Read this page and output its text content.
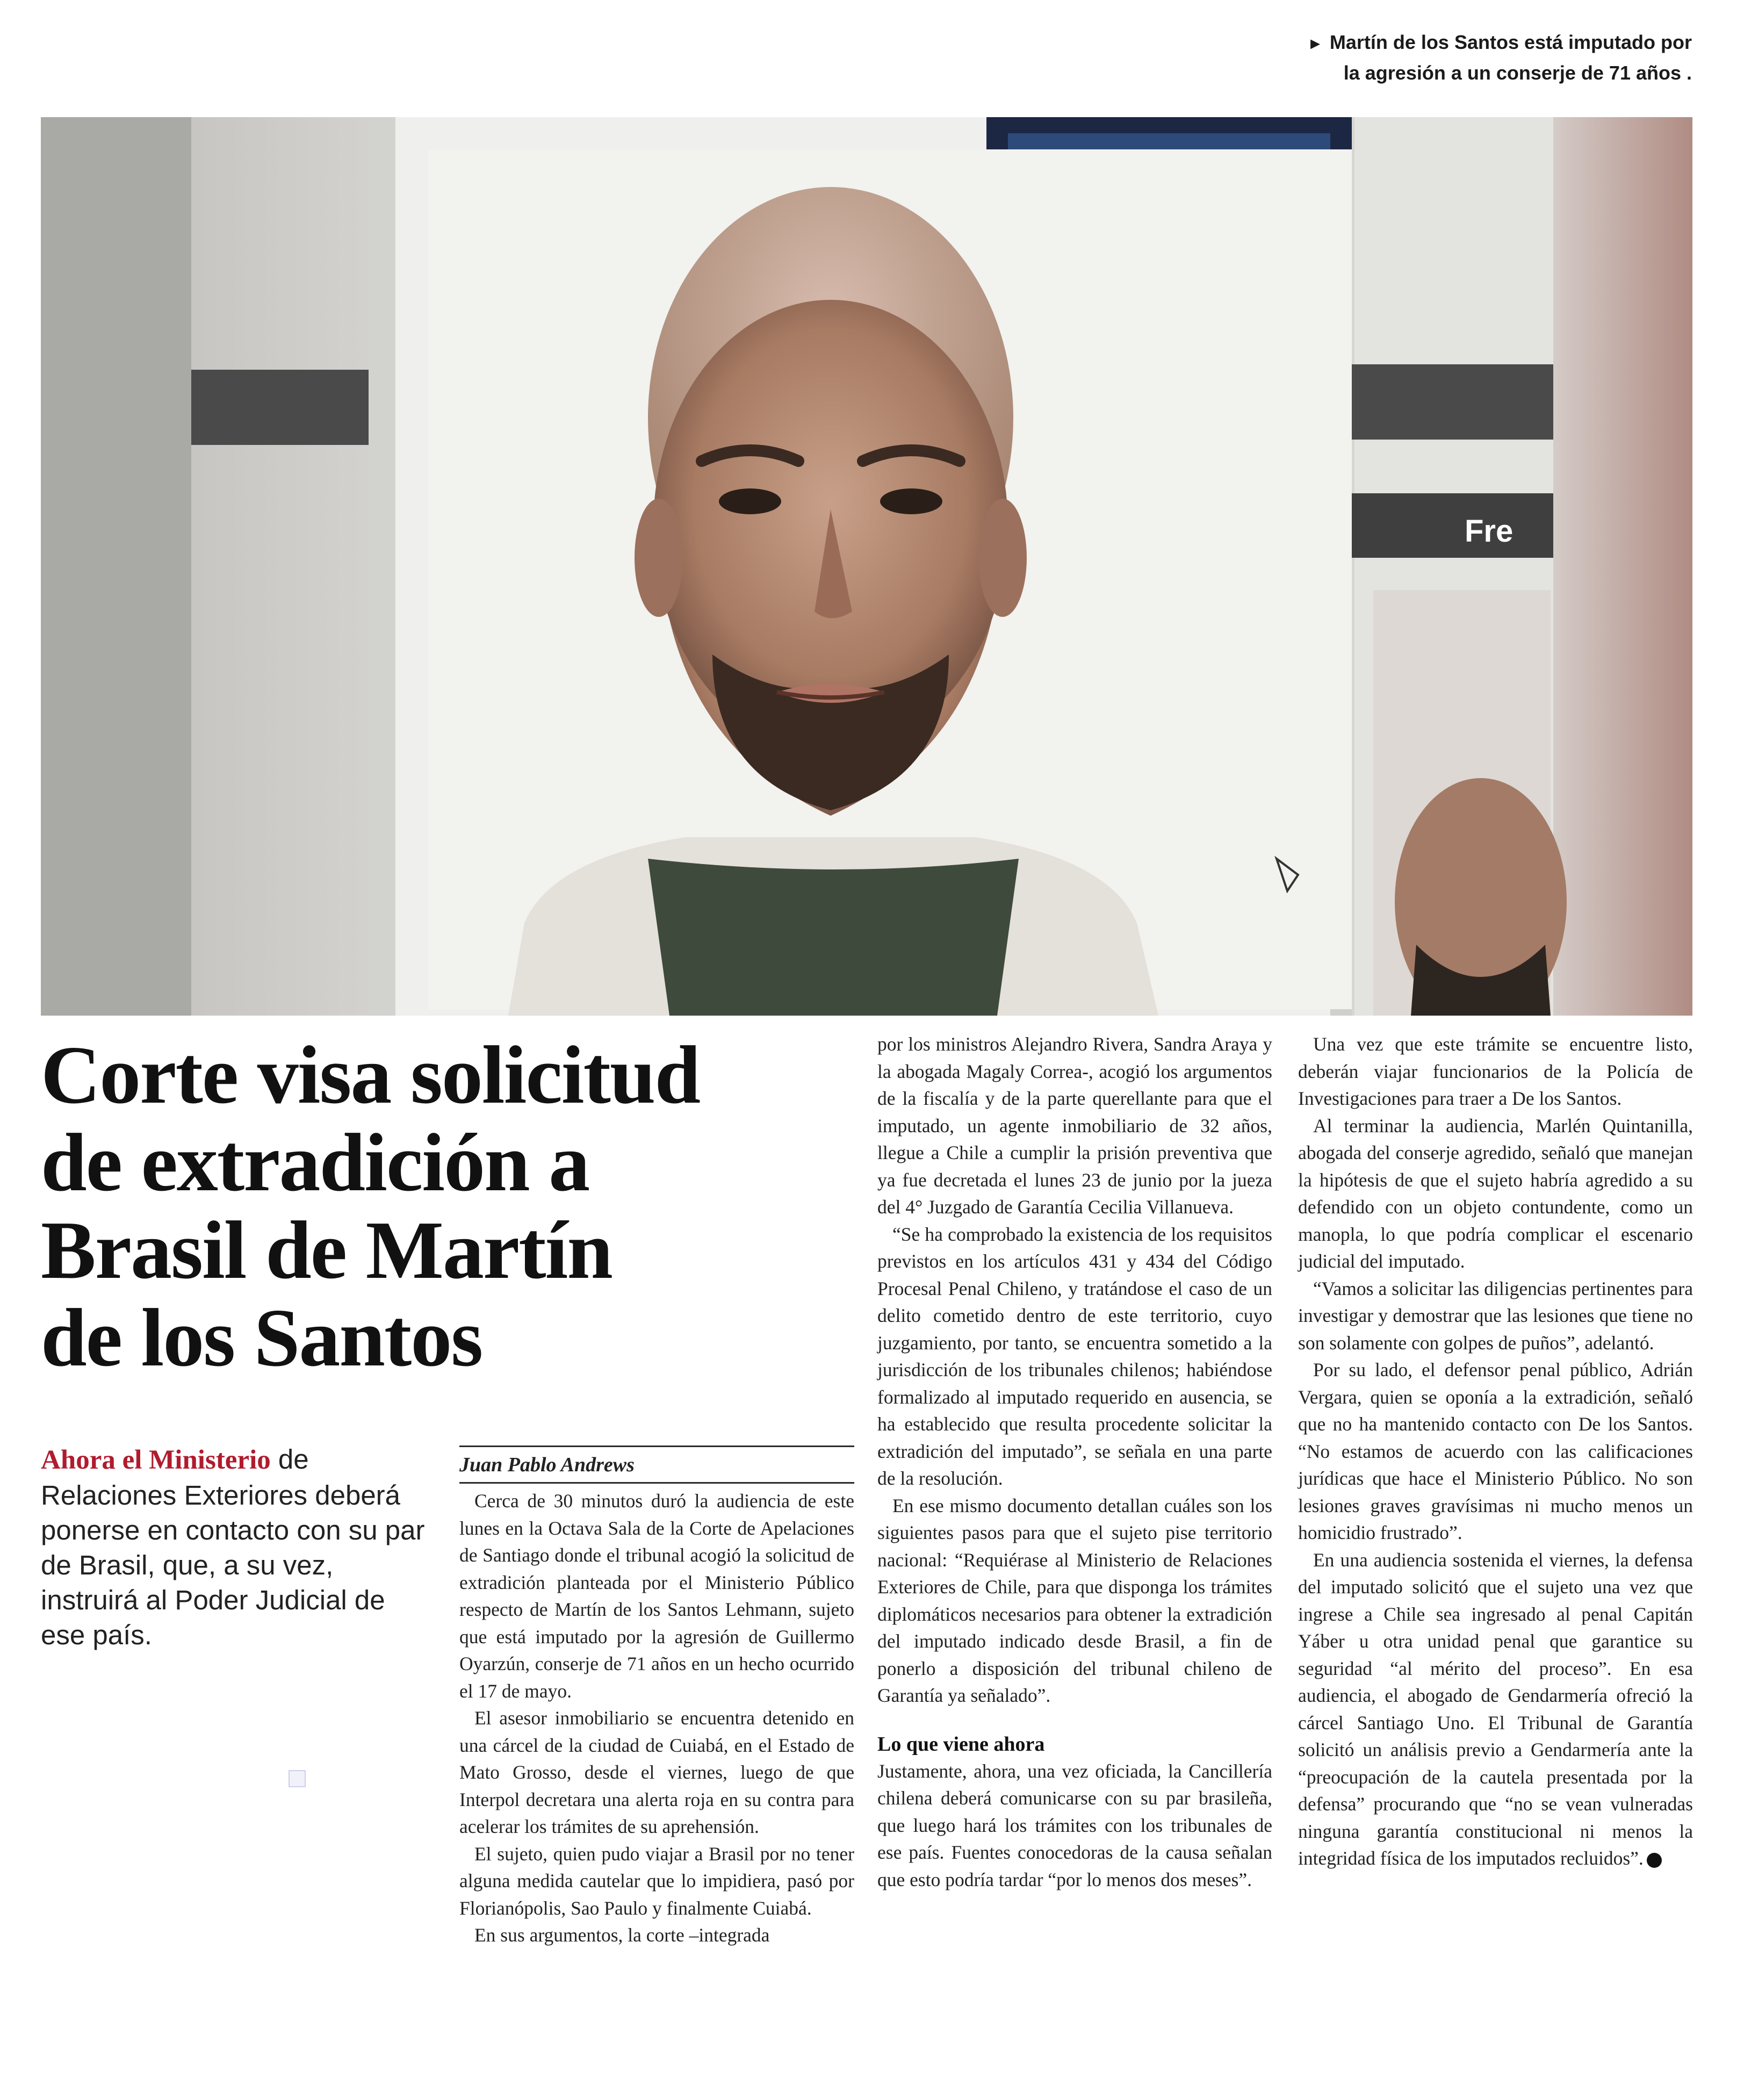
► Martín de los Santos está imputado por
la agresión a un conserje de 71 años .
Fre
Corte visa solicitud
de extradición a
Brasil de Martín
de los Santos
Ahora el Ministerio de Relaciones Exteriores deberá ponerse en contacto con su par de Brasil, que, a su vez, instruirá al Poder Judicial de ese país.
Juan Pablo Andrews

Cerca de 30 minutos duró la audiencia de este lunes en la Octava Sala de la Corte de Apelaciones de Santiago donde el tribunal acogió la solicitud de extradición planteada por el Ministerio Público respecto de Martín de los Santos Lehmann, sujeto que está imputado por la agresión de Guillermo Oyarzún, conserje de 71 años en un hecho ocurrido el 17 de mayo.

El asesor inmobiliario se encuentra detenido en una cárcel de la ciudad de Cuiabá, en el Estado de Mato Grosso, desde el viernes, luego de que Interpol decretara una alerta roja en su contra para acelerar los trámites de su aprehensión.

El sujeto, quien pudo viajar a Brasil por no tener alguna medida cautelar que lo impidiera, pasó por Florianópolis, Sao Paulo y finalmente Cuiabá.

En sus argumentos, la corte –integrada

por los ministros Alejandro Rivera, Sandra Araya y la abogada Magaly Correa-, acogió los argumentos de la fiscalía y de la parte querellante para que el imputado, un agente inmobiliario de 32 años, llegue a Chile a cumplir la prisión preventiva que ya fue decretada el lunes 23 de junio por la jueza del 4° Juzgado de Garantía Cecilia Villanueva.

“Se ha comprobado la existencia de los requisitos previstos en los artículos 431 y 434 del Código Procesal Penal Chileno, y tratándose el caso de un delito cometido dentro de este territorio, cuyo juzgamiento, por tanto, se encuentra sometido a la jurisdicción de los tribunales chilenos; habiéndose formalizado al imputado requerido en ausencia, se ha establecido que resulta procedente solicitar la extradición del imputado”, se señala en una parte de la resolución.

En ese mismo documento detallan cuáles son los siguientes pasos para que el sujeto pise territorio nacional: “Requiérase al Ministerio de Relaciones Exteriores de Chile, para que disponga los trámites diplomáticos necesarios para obtener la extradición del imputado indicado desde Brasil, a fin de ponerlo a disposición del tribunal chileno de Garantía ya señalado”.

Lo que viene ahora

Justamente, ahora, una vez oficiada, la Cancillería chilena deberá comunicarse con su par brasileña, que luego hará los trámites con los tribunales de ese país. Fuentes conocedoras de la causa señalan que esto podría tardar “por lo menos dos meses”.

Una vez que este trámite se encuentre listo, deberán viajar funcionarios de la Policía de Investigaciones para traer a De los Santos.

Al terminar la audiencia, Marlén Quintanilla, abogada del conserje agredido, señaló que manejan la hipótesis de que el sujeto habría agredido a su defendido con un objeto contundente, como un manopla, lo que podría complicar el escenario judicial del imputado.

“Vamos a solicitar las diligencias pertinentes para investigar y demostrar que las lesiones que tiene no son solamente con golpes de puños”, adelantó.

Por su lado, el defensor penal público, Adrián Vergara, quien se oponía a la extradición, señaló que no ha mantenido contacto con De los Santos. “No estamos de acuerdo con las calificaciones jurídicas que hace el Ministerio Público. No son lesiones graves gravísimas ni mucho menos un homicidio frustrado”.

En una audiencia sostenida el viernes, la defensa del imputado solicitó que el sujeto una vez que ingrese a Chile sea ingresado al penal Capitán Yáber u otra unidad penal que garantice su seguridad “al mérito del proceso”. En esa audiencia, el abogado de Gendarmería ofreció la cárcel Santiago Uno. El Tribunal de Garantía solicitó un análisis previo a Gendarmería ante la “preocupación de la cautela presentada por la defensa” procurando que “no se vean vulneradas ninguna garantía constitucional ni menos la integridad física de los imputados recluidos”.
